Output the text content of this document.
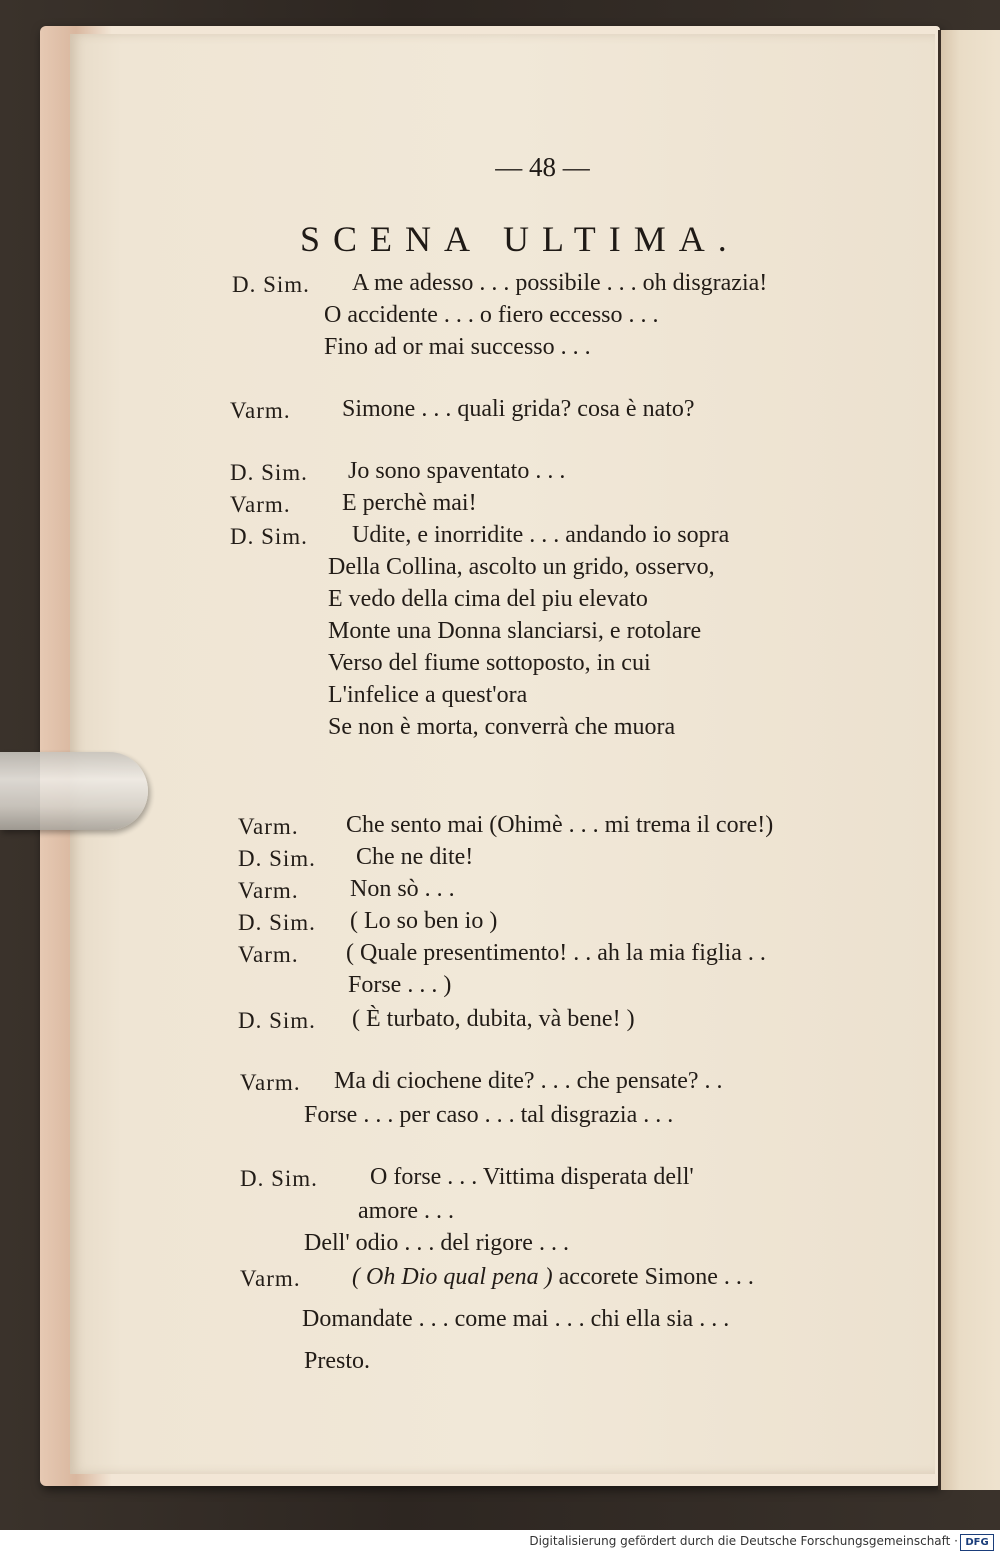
— 48 —
SCENA ULTIMA.
D. Sim. A me adesso . . . possibile . . . oh disgrazia!
O accidente . . . o fiero eccesso . . .
Fino ad or mai successo . . .
Varm. Simone . . . quali grida? cosa è nato?
D. Sim. Jo sono spaventato . . .
Varm. E perchè mai!
D. Sim. Udite, e inorridite . . . andando io sopra
Della Collina, ascolto un grido, osservo,
E vedo della cima del piu elevato
Monte una Donna slanciarsi, e rotolare
Verso del fiume sottoposto, in cui
L'infelice a quest'ora
Se non è morta, converrà che muora
Varm. Che sento mai (Ohimè . . . mi trema il core!)
D. Sim. Che ne dite!
Varm. Non sò . . .
D. Sim. ( Lo so ben io )
Varm. ( Quale presentimento! . . ah la mia figlia . .
Forse . . . )
D. Sim. ( È turbato, dubita, và bene! )
Varm. Ma di ciochene dite? . . . che pensate? . .
Forse . . . per caso . . . tal disgrazia . . .
D. Sim. O forse . . . Vittima disperata dell'
amore . . .
Dell' odio . . . del rigore . . .
Varm. ( Oh Dio qual pena ) accorete Simone . . .
Domandate . . . come mai . . . chi ella sia . . .
Presto.
Digitalisierung gefördert durch die Deutsche Forschungsgemeinschaft · DFG
